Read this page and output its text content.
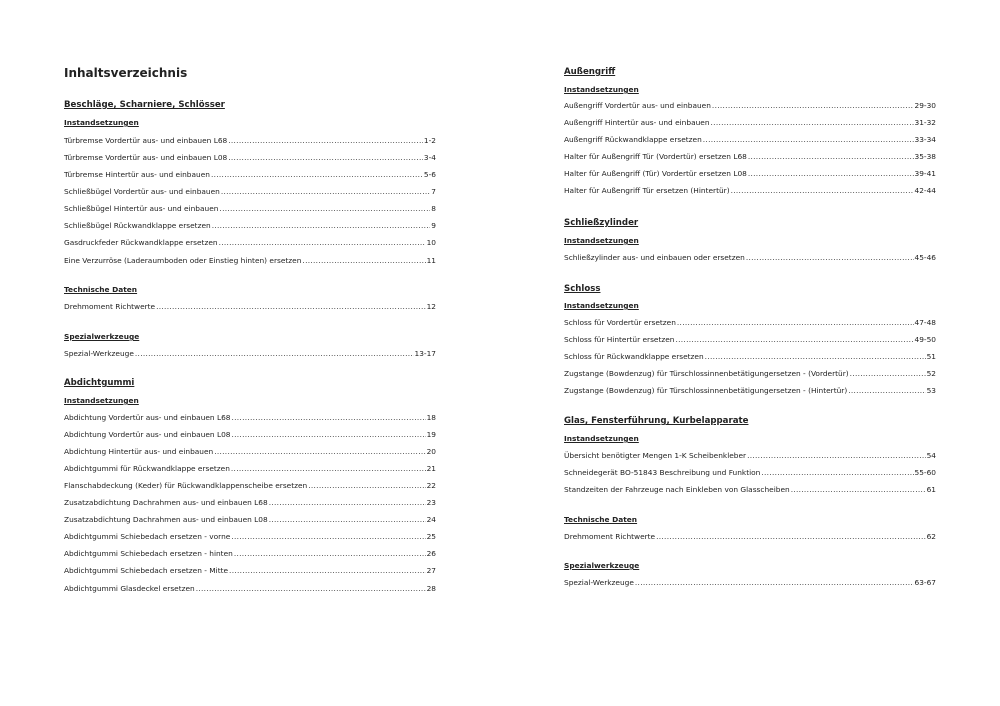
Inhaltsverzeichnis
Beschläge, Scharniere, Schlösser
Instandsetzungen
Türbremse Vordertür aus- und einbauen L68 .....	1-2
Türbremse Vordertür aus- und einbauen L08 .....	3-4
Türbremse Hintertür aus- und einbauen .....	5-6
Schließbügel Vordertür aus- und einbauen .....	7
Schließbügel Hintertür aus- und einbauen .....	8
Schließbügel Rückwandklappe ersetzen .....	9
Gasdruckfeder Rückwandklappe ersetzen .....	10
Eine Verzurröse (Laderaumboden oder Einstieg hinten) ersetzen .....	11
Technische Daten
Drehmoment Richtwerte .....	12
Spezialwerkzeuge
Spezial-Werkzeuge .....	13-17
Abdichtgummi
Instandsetzungen
Abdichtung Vordertür aus- und einbauen L68 .....	18
Abdichtung Vordertür aus- und einbauen L08 .....	19
Abdichtung Hintertür aus- und einbauen .....	20
Abdichtgummi für Rückwandklappe ersetzen .....	21
Flanschabdeckung (Keder) für Rückwandklappenscheibe ersetzen .....	22
Zusatzabdichtung Dachrahmen aus- und einbauen L68 .....	23
Zusatzabdichtung Dachrahmen aus- und einbauen L08 .....	24
Abdichtgummi Schiebedach ersetzen - vorne .....	25
Abdichtgummi Schiebedach ersetzen - hinten .....	26
Abdichtgummi Schiebedach ersetzen - Mitte .....	27
Abdichtgummi Glasdeckel ersetzen .....	28
Außengriff
Instandsetzungen
Außengriff Vordertür aus- und einbauen .....	29-30
Außengriff Hintertür aus- und einbauen .....	31-32
Außengriff Rückwandklappe ersetzen .....	33-34
Halter für Außengriff Tür (Vordertür) ersetzen L68 .....	35-38
Halter für Außengriff (Tür) Vordertür ersetzen L08 .....	39-41
Halter für Außengriff Tür ersetzen (Hintertür) .....	42-44
Schließzylinder
Instandsetzungen
Schließzylinder aus- und einbauen oder ersetzen .....	45-46
Schloss
Instandsetzungen
Schloss für Vordertür ersetzen .....	47-48
Schloss für Hintertür ersetzen .....	49-50
Schloss für Rückwandklappe ersetzen .....	51
Zugstange (Bowdenzug) für Türschlossinnenbetätigungersetzen - (Vordertür) .....	52
Zugstange (Bowdenzug) für Türschlossinnenbetätigungersetzen - (Hintertür) .....	53
Glas, Fensterführung, Kurbelapparate
Instandsetzungen
Übersicht benötigter Mengen 1-K Scheibenkleber .....	54
Schneidegerät BO-51843 Beschreibung und Funktion .....	55-60
Standzeiten der Fahrzeuge nach Einkleben von Glasscheiben .....	61
Technische Daten
Drehmoment Richtwerte .....	62
Spezialwerkzeuge
Spezial-Werkzeuge .....	63-67
